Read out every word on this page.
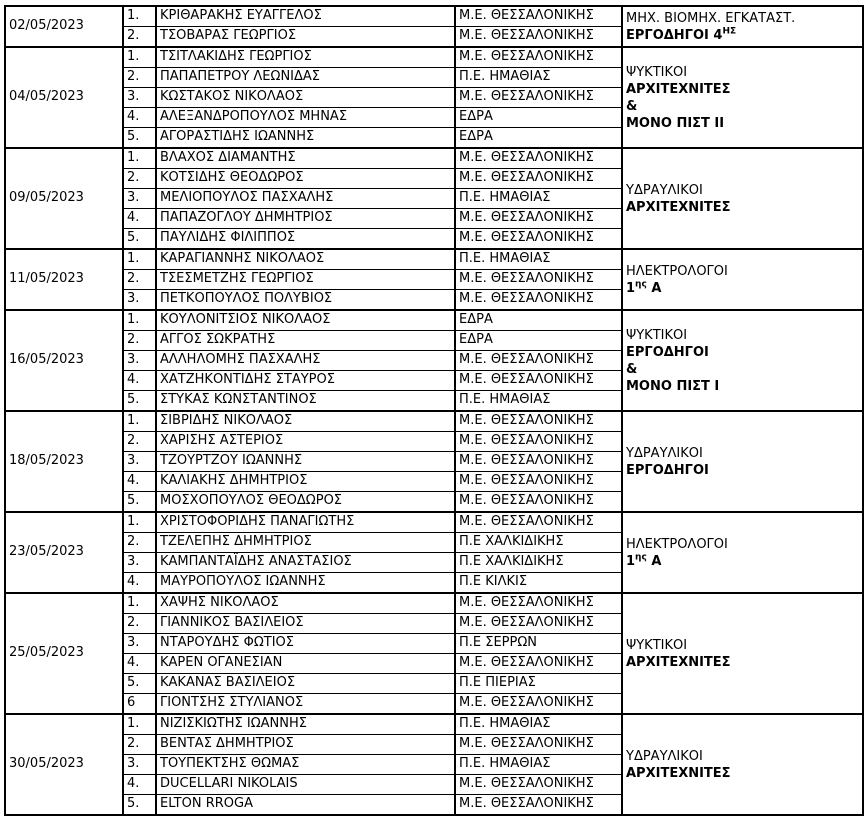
02/05/2023	1.	ΚΡΙΘΑΡΑΚΗΣ ΕΥΑΓΓΕΛΟΣ	Μ.Ε. ΘΕΣΣΑΛΟΝΙΚΗΣ	ΜΗΧ. ΒΙΟΜΗΧ. ΕΓΚΑΤΑΣΤ.
ΕΡΓΟΔΗΓΟΙ $4^{H\Sigma}$

	2.	ΤΣΟΒΑΡΑΣ ΓΕΩΡΓΙΟΣ	Μ.Ε. ΘΕΣΣΑΛΟΝΙΚΗΣ	
04/05/2023	1.	ΤΣΙΤΛΑΚΙΔΗΣ ΓΕΩΡΓΙΟΣ	Μ.Ε. ΘΕΣΣΑΛΟΝΙΚΗΣ	ΨΥΚΤΙΚΟΙ
ΑΡΧΙΤΕΧΝΙΤΕΣ
&
ΜΟΝΟ ΠΙΣΤ II

	2.	ΠΑΠΑΠΕΤΡΟΥ ΛΕΩΝΙΔΑΣ	Π.Ε. ΗΜΑΘΙΑΣ	
	3.	ΚΩΣΤΑΚΟΣ ΝΙΚΟΛΑΟΣ	Μ.Ε. ΘΕΣΣΑΛΟΝΙΚΗΣ	
	4.	ΑΛΕΞΑΝΔΡΟΠΟΥΛΟΣ ΜΗΝΑΣ	ΕΔΡΑ	
	5.	ΑΓΟΡΑΣΤΙΔΗΣ ΙΩΑΝΝΗΣ	ΕΔΡΑ	
09/05/2023	1.	ΒΛΑΧΟΣ ΔΙΑΜΑΝΤΗΣ	Μ.Ε. ΘΕΣΣΑΛΟΝΙΚΗΣ	ΥΔΡΑΥΛΙΚΟΙ
ΑΡΧΙΤΕΧΝΙΤΕΣ

	2.	ΚΟΤΣΙΔΗΣ ΘΕΟΔΩΡΟΣ	Μ.Ε. ΘΕΣΣΑΛΟΝΙΚΗΣ	
	3.	ΜΕΛΙΟΠΟΥΛΟΣ ΠΑΣΧΑΛΗΣ	Π.Ε. ΗΜΑΘΙΑΣ	
	4.	ΠΑΠΑΖΟΓΛΟΥ ΔΗΜΗΤΡΙΟΣ	Μ.Ε. ΘΕΣΣΑΛΟΝΙΚΗΣ	
	5.	ΠΑΥΛΙΔΗΣ ΦΙΛΙΠΠΟΣ	Μ.Ε. ΘΕΣΣΑΛΟΝΙΚΗΣ	
11/05/2023	1.	ΚΑΡΑΓΙΑΝΝΗΣ ΝΙΚΟΛΑΟΣ	Π.Ε. ΗΜΑΘΙΑΣ	ΗΛΕΚΤΡΟΛΟΓΟΙ
$1^{\eta\varsigma}$ Α

	2.	ΤΣΕΣΜΕΤΖΗΣ ΓΕΩΡΓΙΟΣ	Μ.Ε. ΘΕΣΣΑΛΟΝΙΚΗΣ	
	3.	ΠΕΤΚΟΠΟΥΛΟΣ ΠΟΛΥΒΙΟΣ	Μ.Ε. ΘΕΣΣΑΛΟΝΙΚΗΣ	
16/05/2023	1.	ΚΟΥΛΟΝΙΤΣΙΟΣ ΝΙΚΟΛΑΟΣ	ΕΔΡΑ	ΨΥΚΤΙΚΟΙ
ΕΡΓΟΔΗΓΟΙ
&
ΜΟΝΟ ΠΙΣΤ I

	2.	ΑΓΓΟΣ ΣΩΚΡΑΤΗΣ	ΕΔΡΑ	
	3.	ΑΛΛΗΛΟΜΗΣ ΠΑΣΧΑΛΗΣ	Μ.Ε. ΘΕΣΣΑΛΟΝΙΚΗΣ	
	4.	ΧΑΤΖΗΚΟΝΤΙΔΗΣ ΣΤΑΥΡΟΣ	Μ.Ε. ΘΕΣΣΑΛΟΝΙΚΗΣ	
	5.	ΣΤΥΚΑΣ ΚΩΝΣΤΑΝΤΙΝΟΣ	Π.Ε. ΗΜΑΘΙΑΣ	
18/05/2023	1.	ΣΙΒΡΙΔΗΣ ΝΙΚΟΛΑΟΣ	Μ.Ε. ΘΕΣΣΑΛΟΝΙΚΗΣ	ΥΔΡΑΥΛΙΚΟΙ
ΕΡΓΟΔΗΓΟΙ

	2.	ΧΑΡΙΣΗΣ ΑΣΤΕΡΙΟΣ	Μ.Ε. ΘΕΣΣΑΛΟΝΙΚΗΣ	
	3.	ΤΖΟΥΡΤΖΟΥ ΙΩΑΝΝΗΣ	Μ.Ε. ΘΕΣΣΑΛΟΝΙΚΗΣ	
	4.	ΚΑΛΙΑΚΗΣ ΔΗΜΗΤΡΙΟΣ	Μ.Ε. ΘΕΣΣΑΛΟΝΙΚΗΣ	
	5.	ΜΟΣΧΟΠΟΥΛΟΣ ΘΕΟΔΩΡΟΣ	Μ.Ε. ΘΕΣΣΑΛΟΝΙΚΗΣ	
23/05/2023	1.	ΧΡΙΣΤΟΦΟΡΙΔΗΣ ΠΑΝΑΓΙΩΤΗΣ	Μ.Ε. ΘΕΣΣΑΛΟΝΙΚΗΣ	ΗΛΕΚΤΡΟΛΟΓΟΙ
$1^{\eta\varsigma}$ Α

	2.	ΤΖΕΛΕΠΗΣ ΔΗΜΗΤΡΙΟΣ	Π.Ε ΧΑΛΚΙΔΙΚΗΣ	
	3.	ΚΑΜΠΑΝΤΑΪΔΗΣ ΑΝΑΣΤΑΣΙΟΣ	Π.Ε ΧΑΛΚΙΔΙΚΗΣ	
	4.	ΜΑΥΡΟΠΟΥΛΟΣ ΙΩΑΝΝΗΣ	Π.Ε ΚΙΛΚΙΣ	
25/05/2023	1.	ΧΑΨΗΣ ΝΙΚΟΛΑΟΣ	Μ.Ε. ΘΕΣΣΑΛΟΝΙΚΗΣ	ΨΥΚΤΙΚΟΙ
ΑΡΧΙΤΕΧΝΙΤΕΣ

	2.	ΓΙΑΝΝΙΚΟΣ ΒΑΣΙΛΕΙΟΣ	Μ.Ε. ΘΕΣΣΑΛΟΝΙΚΗΣ	
	3.	ΝΤΑΡΟΥΔΗΣ ΦΩΤΙΟΣ	Π.Ε ΣΕΡΡΩΝ	
	4.	ΚΑΡΕΝ ΟΓΑΝΕΣΙΑΝ	Μ.Ε. ΘΕΣΣΑΛΟΝΙΚΗΣ	
	5.	ΚΑΚΑΝΑΣ ΒΑΣΙΛΕΙΟΣ	Π.Ε ΠΙΕΡΙΑΣ	
	6	ΓΙΟΝΤΣΗΣ ΣΤΥΛΙΑΝΟΣ	Μ.Ε. ΘΕΣΣΑΛΟΝΙΚΗΣ	
30/05/2023	1.	ΝΙΖΙΣΚΙΩΤΗΣ ΙΩΑΝΝΗΣ	Π.Ε. ΗΜΑΘΙΑΣ	ΥΔΡΑΥΛΙΚΟΙ
ΑΡΧΙΤΕΧΝΙΤΕΣ

	2.	ΒΕΝΤΑΣ ΔΗΜΗΤΡΙΟΣ	Μ.Ε. ΘΕΣΣΑΛΟΝΙΚΗΣ	
	3.	ΤΟΥΠΕΚΤΣΗΣ ΘΩΜΑΣ	Π.Ε. ΗΜΑΘΙΑΣ	
	4.	DUCELLARI NIKOLAIS	Μ.Ε. ΘΕΣΣΑΛΟΝΙΚΗΣ	
	5.	ELTON RROGA	Μ.Ε. ΘΕΣΣΑΛΟΝΙΚΗΣ	
